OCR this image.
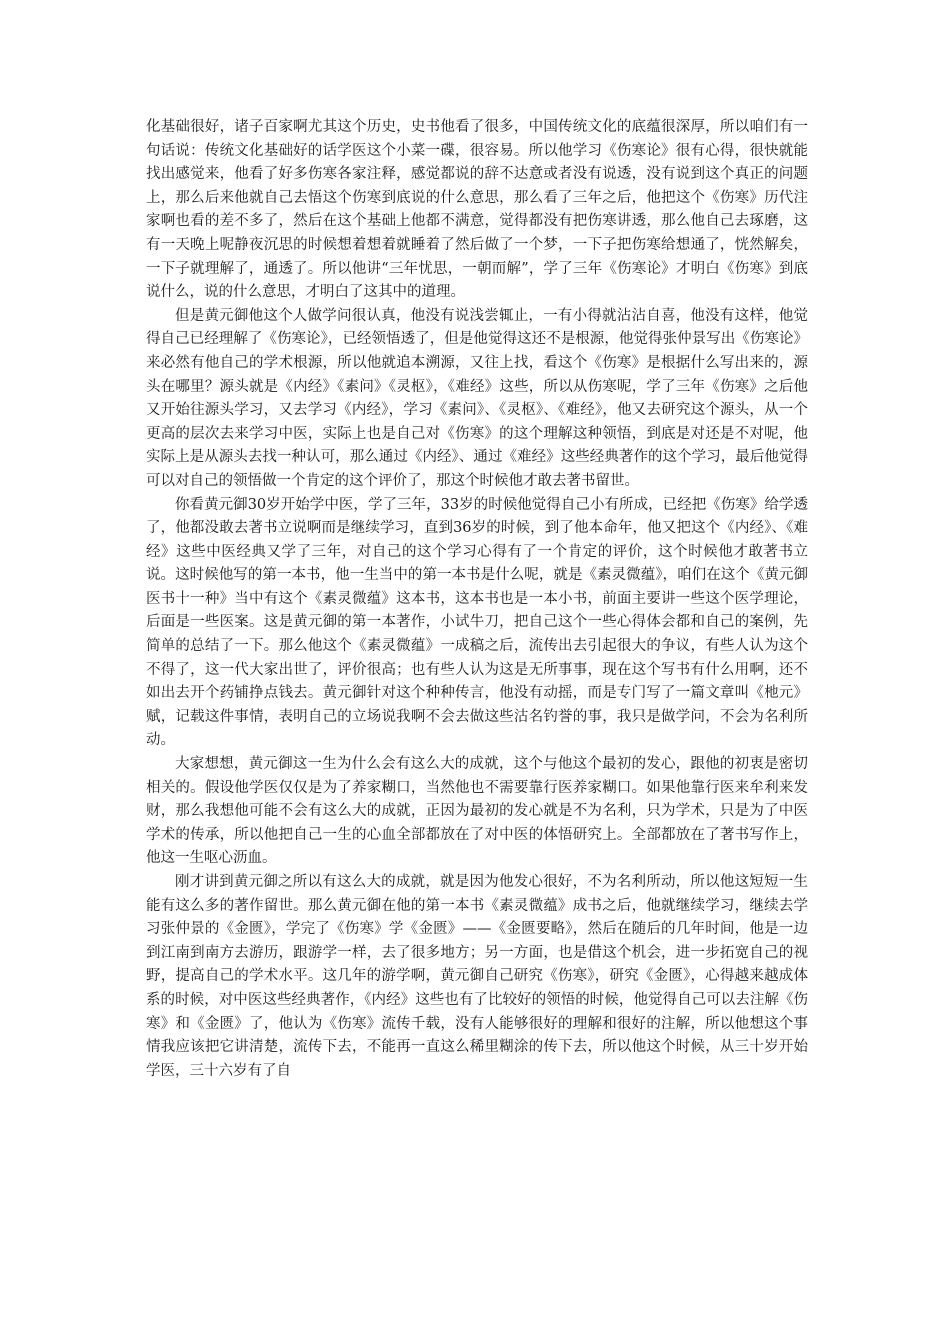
化基础很好，诸子百家啊尤其这个历史，史书他看了很多，中国传统文化的底蕴很深厚，所以咱们有一句话说：传统文化基础好的话学医这个小菜一碟，很容易。所以他学习《伤寒论》很有心得，很快就能找出感觉来，他看了好多伤寒各家注释，感觉都说的辞不达意或者没有说透，没有说到这个真正的问题上，那么后来他就自己去悟这个伤寒到底说的什么意思，那么看了三年之后，他把这个《伤寒》历代注家啊也看的差不多了，然后在这个基础上他都不满意，觉得都没有把伤寒讲透，那么他自己去琢磨，这有一天晚上呢静夜沉思的时候想着想着就睡着了然后做了一个梦，一下子把伤寒给想通了，恍然解矣，一下子就理解了，通透了。所以他讲“三年忧思，一朝而解”，学了三年《伤寒论》才明白《伤寒》到底说什么，说的什么意思，才明白了这其中的道理。

但是黄元御他这个人做学问很认真，他没有说浅尝辄止，一有小得就沾沾自喜，他没有这样，他觉得自己已经理解了《伤寒论》，已经领悟透了，但是他觉得这还不是根源，他觉得张仲景写出《伤寒论》来必然有他自己的学术根源，所以他就追本溯源，又往上找，看这个《伤寒》是根据什么写出来的，源头在哪里？源头就是《内经》《素问》《灵枢》，《难经》这些，所以从伤寒呢，学了三年《伤寒》之后他又开始往源头学习，又去学习《内经》，学习《素问》、《灵枢》、《难经》，他又去研究这个源头，从一个更高的层次去来学习中医，实际上也是自己对《伤寒》的这个理解这种领悟，到底是对还是不对呢，他实际上是从源头去找一种认可，那么通过《内经》、通过《难经》这些经典著作的这个学习，最后他觉得可以对自己的领悟做一个肯定的这个评价了，那这个时候他才敢去著书留世。

你看黄元御30岁开始学中医，学了三年，33岁的时候他觉得自己小有所成，已经把《伤寒》给学透了，他都没敢去著书立说啊而是继续学习，直到36岁的时候，到了他本命年，他又把这个《内经》、《难经》这些中医经典又学了三年，对自己的这个学习心得有了一个肯定的评价，这个时候他才敢著书立说。这时候他写的第一本书，他一生当中的第一本书是什么呢，就是《素灵微蕴》，咱们在这个《黄元御医书十一种》当中有这个《素灵微蕴》这本书，这本书也是一本小书，前面主要讲一些这个医学理论，后面是一些医案。这是黄元御的第一本著作，小试牛刀，把自己这个一些心得体会都和自己的案例，先简单的总结了一下。那么他这个《素灵微蕴》一成稿之后，流传出去引起很大的争议，有些人认为这个不得了，这一代大家出世了，评价很高；也有些人认为这是无所事事，现在这个写书有什么用啊，还不如出去开个药铺挣点钱去。黄元御针对这个种种传言，他没有动摇，而是专门写了一篇文章叫《杝元》赋，记载这件事情，表明自己的立场说我啊不会去做这些沽名钓誉的事，我只是做学问，不会为名利所动。

大家想想，黄元御这一生为什么会有这么大的成就，这个与他这个最初的发心，跟他的初衷是密切相关的。假设他学医仅仅是为了养家糊口，当然他也不需要靠行医养家糊口。如果他靠行医来牟利来发财，那么我想他可能不会有这么大的成就，正因为最初的发心就是不为名利，只为学术，只是为了中医学术的传承，所以他把自己一生的心血全部都放在了对中医的体悟研究上。全部都放在了著书写作上，他这一生呕心沥血。

刚才讲到黄元御之所以有这么大的成就，就是因为他发心很好，不为名利所动，所以他这短短一生能有这么多的著作留世。那么黄元御在他的第一本书《素灵微蕴》成书之后，他就继续学习，继续去学习张仲景的《金匮》，学完了《伤寒》学《金匮》——《金匮要略》，然后在随后的几年时间，他是一边到江南到南方去游历，跟游学一样，去了很多地方；另一方面，也是借这个机会，进一步拓宽自己的视野，提高自己的学术水平。这几年的游学啊，黄元御自己研究《伤寒》，研究《金匮》，心得越来越成体系的时候，对中医这些经典著作，《内经》这些也有了比较好的领悟的时候，他觉得自己可以去注解《伤寒》和《金匮》了，他认为《伤寒》流传千载，没有人能够很好的理解和很好的注解，所以他想这个事情我应该把它讲清楚，流传下去，不能再一直这么稀里糊涂的传下去，所以他这个时候，从三十岁开始学医，三十六岁有了自
